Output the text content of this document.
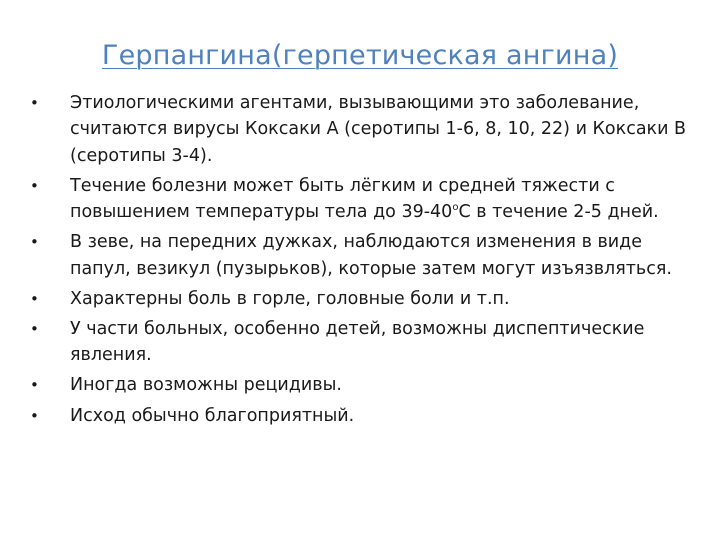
Герпангина(герпетическая ангина)
• Этиологическими агентами, вызывающими это заболевание, считаются вирусы Коксаки А (серотипы 1-6, 8, 10, 22) и Коксаки В (серотипы 3-4).
• Течение болезни может быть лёгким и средней тяжести с повышением температуры тела до $39-40^оС$ в течение 2-5 дней.
• В зеве, на передних дужках, наблюдаются изменения в виде папул, везикул (пузырьков), которые затем могут изъязвляться.
• Характерны боль в горле, головные боли и т.п.
• У части больных, особенно детей, возможны диспептические явления.
• Иногда возможны рецидивы.
• Исход обычно благоприятный.
